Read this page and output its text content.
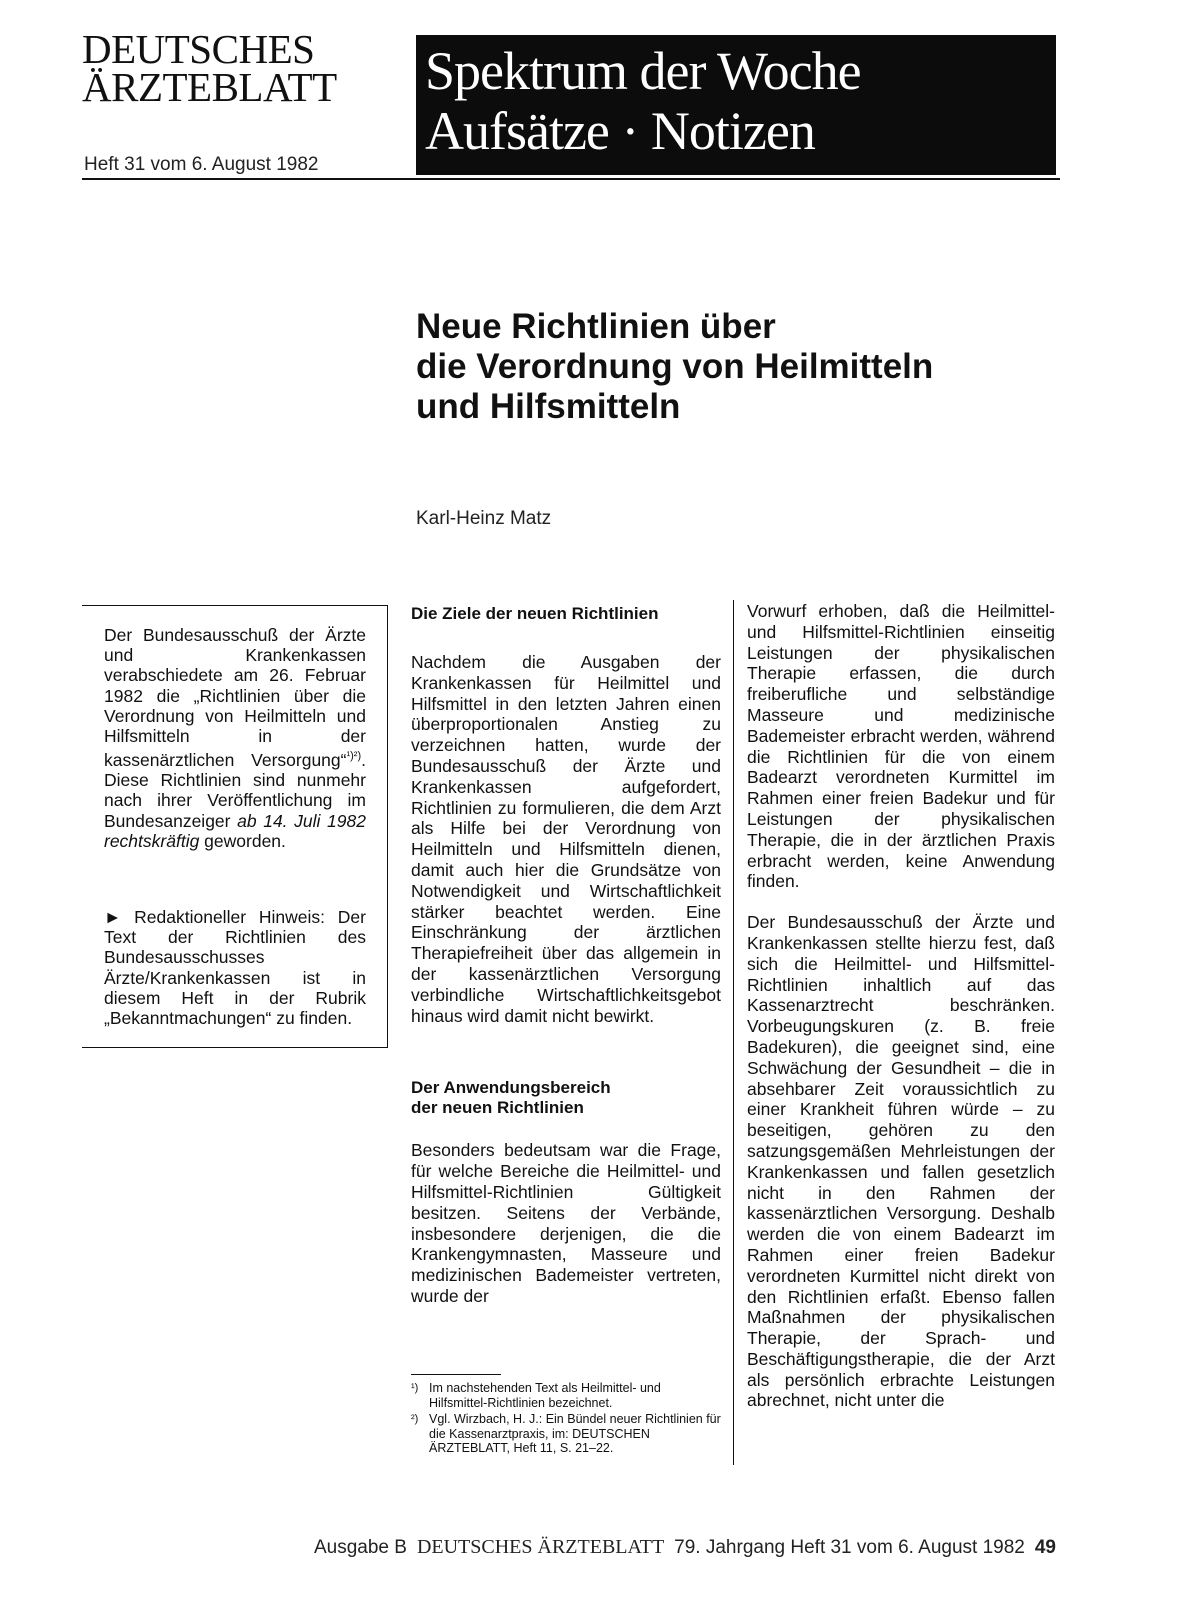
DEUTSCHES
ÄRZTEBLATT
Heft 31 vom 6. August 1982
Spektrum der Woche
Aufsätze · Notizen
Neue Richtlinien über
die Verordnung von Heilmitteln
und Hilfsmitteln
Karl-Heinz Matz

Der Bundesausschuß der Ärzte und Krankenkassen verabschiedete am 26. Februar 1982 die „Richtlinien über die Verordnung von Heilmitteln und Hilfsmitteln in der kassenärztlichen Versorgung“$^{^1)^2)}$. Diese Richtlinien sind nunmehr nach ihrer Veröffentlichung im Bundesanzeiger ab 14. Juli 1982 rechtskräftig geworden.

► Redaktioneller Hinweis: Der Text der Richtlinien des Bundesausschusses Ärzte/Krankenkassen ist in diesem Heft in der Rubrik „Bekanntmachungen“ zu finden.

Die Ziele der neuen Richtlinien

Nachdem die Ausgaben der Krankenkassen für Heilmittel und Hilfsmittel in den letzten Jahren einen überproportionalen Anstieg zu verzeichnen hatten, wurde der Bundesausschuß der Ärzte und Krankenkassen aufgefordert, Richtlinien zu formulieren, die dem Arzt als Hilfe bei der Verordnung von Heilmitteln und Hilfsmitteln dienen, damit auch hier die Grundsätze von Notwendigkeit und Wirtschaftlichkeit stärker beachtet werden. Eine Einschränkung der ärztlichen Therapiefreiheit über das allgemein in der kassenärztlichen Versorgung verbindliche Wirtschaftlichkeitsgebot hinaus wird damit nicht bewirkt.

Der Anwendungsbereich
der neuen Richtlinien

Besonders bedeutsam war die Frage, für welche Bereiche die Heilmittel- und Hilfsmittel-Richtlinien Gültigkeit besitzen. Seitens der Verbände, insbesondere derjenigen, die die Krankengymnasten, Masseure und medizinischen Bademeister vertreten, wurde der

¹) Im nachstehenden Text als Heilmittel- und Hilfsmittel-Richtlinien bezeichnet.
²) Vgl. Wirzbach, H. J.: Ein Bündel neuer Richtlinien für die Kassenarztpraxis, im: DEUTSCHEN ÄRZTEBLATT, Heft 11, S. 21–22.

Vorwurf erhoben, daß die Heilmittel- und Hilfsmittel-Richtlinien einseitig Leistungen der physikalischen Therapie erfassen, die durch freiberufliche und selbständige Masseure und medizinische Bademeister erbracht werden, während die Richtlinien für die von einem Badearzt verordneten Kurmittel im Rahmen einer freien Badekur und für Leistungen der physikalischen Therapie, die in der ärztlichen Praxis erbracht werden, keine Anwendung finden.

Der Bundesausschuß der Ärzte und Krankenkassen stellte hierzu fest, daß sich die Heilmittel- und Hilfsmittel-Richtlinien inhaltlich auf das Kassenarztrecht beschränken. Vorbeugungskuren (z. B. freie Badekuren), die geeignet sind, eine Schwächung der Gesundheit – die in absehbarer Zeit voraussichtlich zu einer Krankheit führen würde – zu beseitigen, gehören zu den satzungsgemäßen Mehrleistungen der Krankenkassen und fallen gesetzlich nicht in den Rahmen der kassenärztlichen Versorgung. Deshalb werden die von einem Badearzt im Rahmen einer freien Badekur verordneten Kurmittel nicht direkt von den Richtlinien erfaßt. Ebenso fallen Maßnahmen der physikalischen Therapie, der Sprach- und Beschäftigungstherapie, die der Arzt als persönlich erbrachte Leistungen abrechnet, nicht unter die

Ausgabe B DEUTSCHES ÄRZTEBLATT 79. Jahrgang Heft 31 vom 6. August 1982 49
